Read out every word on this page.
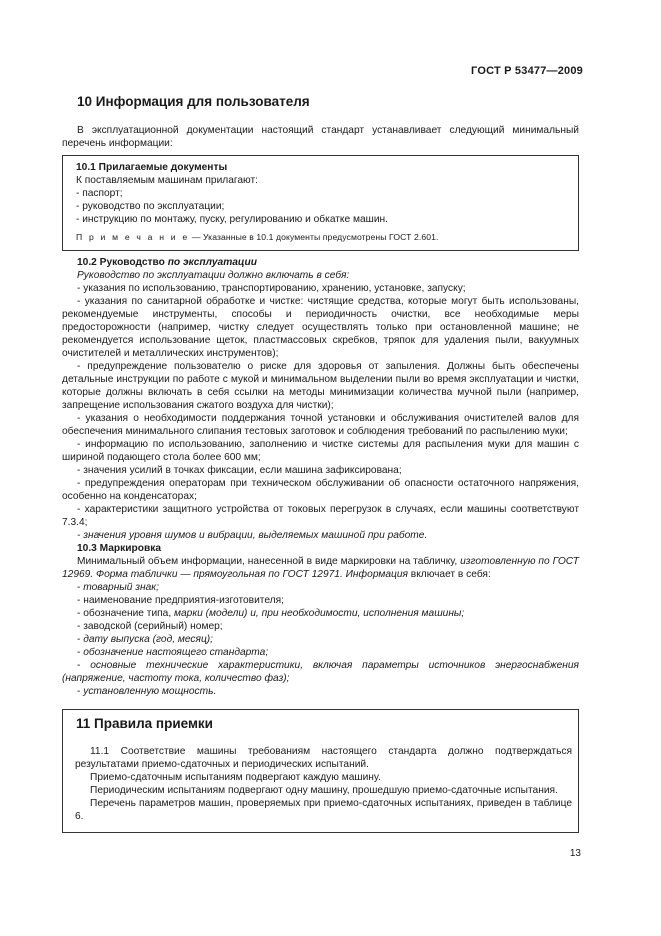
ГОСТ Р 53477—2009
10 Информация для пользователя

В эксплуатационной документации настоящий стандарт устанавливает следующий минимальный перечень информации:

10.1 Прилагаемые документы
К поставляемым машинам прилагают:
- паспорт;
- руководство по эксплуатации;
- инструкцию по монтажу, пуску, регулированию и обкатке машин.
П р и м е ч а н и е — Указанные в 10.1 документы предусмотрены ГОСТ 2.601.
10.2 Руководство по эксплуатации
Руководство по эксплуатации должно включать в себя:

- указания по использованию, транспортированию, хранению, установке, запуску;

- указания по санитарной обработке и чистке: чистящие средства, которые могут быть использованы, рекомендуемые инструменты, способы и периодичность очистки, все необходимые меры предосторожности (например, чистку следует осуществлять только при остановленной машине; не рекомендуется использование щеток, пластмассовых скребков, тряпок для удаления пыли, вакуумных очистителей и металлических инструментов);

- предупреждение пользователю о риске для здоровья от запыления. Должны быть обеспечены детальные инструкции по работе с мукой и минимальном выделении пыли во время эксплуатации и чистки, которые должны включать в себя ссылки на методы минимизации количества мучной пыли (например, запрещение использования сжатого воздуха для чистки);

- указания о необходимости поддержания точной установки и обслуживания очистителей валов для обеспечения минимального слипания тестовых заготовок и соблюдения требований по распылению муки;

- информацию по использованию, заполнению и чистке системы для распыления муки для машин с шириной подающего стола более 600 мм;

- значения усилий в точках фиксации, если машина зафиксирована;

- предупреждения операторам при техническом обслуживании об опасности остаточного напряжения, особенно на конденсаторах;

- характеристики защитного устройства от токовых перегрузок в случаях, если машины соответствуют 7.3.4;

- значения уровня шумов и вибрации, выделяемых машиной при работе.

10.3 Маркировка

Минимальный объем информации, нанесенной в виде маркировки на табличку, изготовленную по ГОСТ 12969. Форма таблички — прямоугольная по ГОСТ 12971. Информация включает в себя:

- товарный знак;

- наименование предприятия-изготовителя;

- обозначение типа, марки (модели) и, при необходимости, исполнения машины;

- заводской (серийный) номер;

- дату выпуска (год, месяц);

- обозначение настоящего стандарта;

- основные технические характеристики, включая параметры источников энергоснабжения (напряжение, частоту тока, количество фаз);

- установленную мощность.

11 Правила приемки

11.1 Соответствие машины требованиям настоящего стандарта должно подтверждаться результатами приемо-сдаточных и периодических испытаний.

Приемо-сдаточным испытаниям подвергают каждую машину.

Периодическим испытаниям подвергают одну машину, прошедшую приемо-сдаточные испытания.

Перечень параметров машин, проверяемых при приемо-сдаточных испытаниях, приведен в таблице 6.

13
